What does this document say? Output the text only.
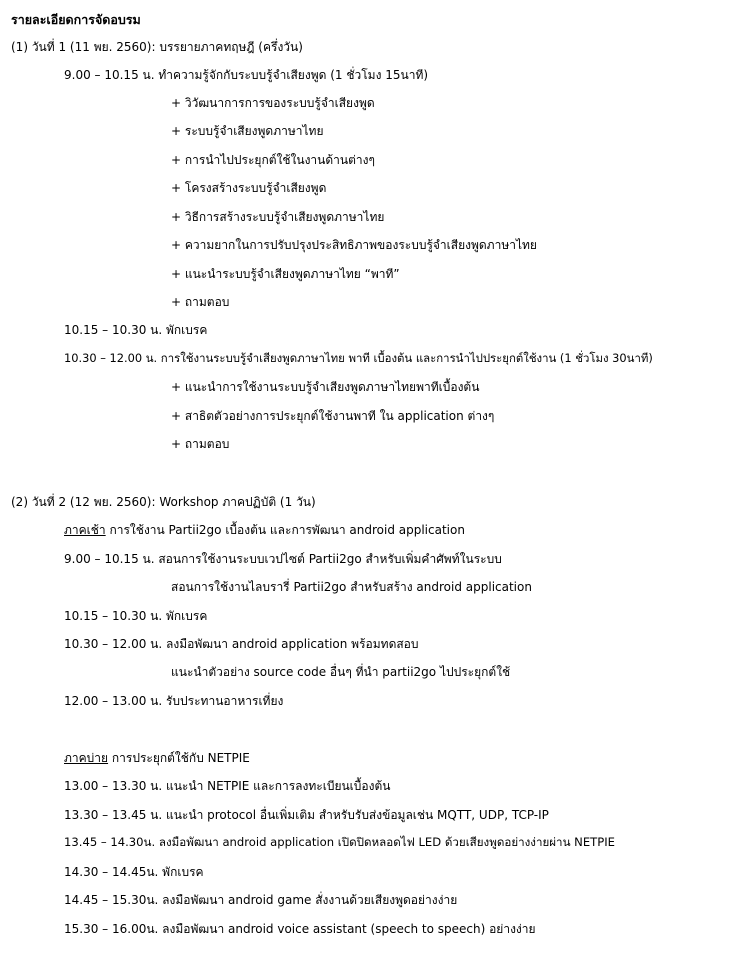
รายละเอียดการจัดอบรม
(1) วันที่ 1 (11 พย. 2560): บรรยายภาคทฤษฎี (ครึ่งวัน)
9.00 – 10.15 น. ทำความรู้จักกับระบบรู้จำเสียงพูด (1 ชั่วโมง 15นาที)
+ วิวัฒนาการการของระบบรู้จำเสียงพูด
+ ระบบรู้จำเสียงพูดภาษาไทย
+ การนำไปประยุกต์ใช้ในงานด้านต่างๆ
+ โครงสร้างระบบรู้จำเสียงพูด
+ วิธีการสร้างระบบรู้จำเสียงพูดภาษาไทย
+ ความยากในการปรับปรุงประสิทธิภาพของระบบรู้จำเสียงพูดภาษาไทย
+ แนะนำระบบรู้จำเสียงพูดภาษาไทย “พาที”
+ ถามตอบ
10.15 – 10.30 น. พักเบรค
10.30 – 12.00 น. การใช้งานระบบรู้จำเสียงพูดภาษาไทย พาที เบื้องต้น และการนำไปประยุกต์ใช้งาน (1 ชั่วโมง 30นาที)
+ แนะนำการใช้งานระบบรู้จำเสียงพูดภาษาไทยพาทีเบื้องต้น
+ สาธิตตัวอย่างการประยุกต์ใช้งานพาที ใน application ต่างๆ
+ ถามตอบ
(2) วันที่ 2 (12 พย. 2560): Workshop ภาคปฏิบัติ (1 วัน)
ภาคเช้า การใช้งาน Partii2go เบื้องต้น และการพัฒนา android application
9.00 – 10.15 น. สอนการใช้งานระบบเวปไซต์ Partii2go สำหรับเพิ่มคำศัพท์ในระบบ
สอนการใช้งานไลบรารี่ Partii2go สำหรับสร้าง android application
10.15 – 10.30 น. พักเบรค
10.30 – 12.00 น. ลงมือพัฒนา android application พร้อมทดสอบ
แนะนำตัวอย่าง source code อื่นๆ ที่นำ partii2go ไปประยุกต์ใช้
12.00 – 13.00 น. รับประทานอาหารเที่ยง
ภาคบ่าย การประยุกต์ใช้กับ NETPIE
13.00 – 13.30 น. แนะนำ NETPIE และการลงทะเบียนเบื้องต้น
13.30 – 13.45 น. แนะนำ protocol อื่นเพิ่มเติม สำหรับรับส่งข้อมูลเช่น MQTT, UDP, TCP-IP
13.45 – 14.30น. ลงมือพัฒนา android application เปิดปิดหลอดไฟ LED ด้วยเสียงพูดอย่างง่ายผ่าน NETPIE
14.30 – 14.45น. พักเบรค
14.45 – 15.30น. ลงมือพัฒนา android game สั่งงานด้วยเสียงพูดอย่างง่าย
15.30 – 16.00น. ลงมือพัฒนา android voice assistant (speech to speech) อย่างง่าย
